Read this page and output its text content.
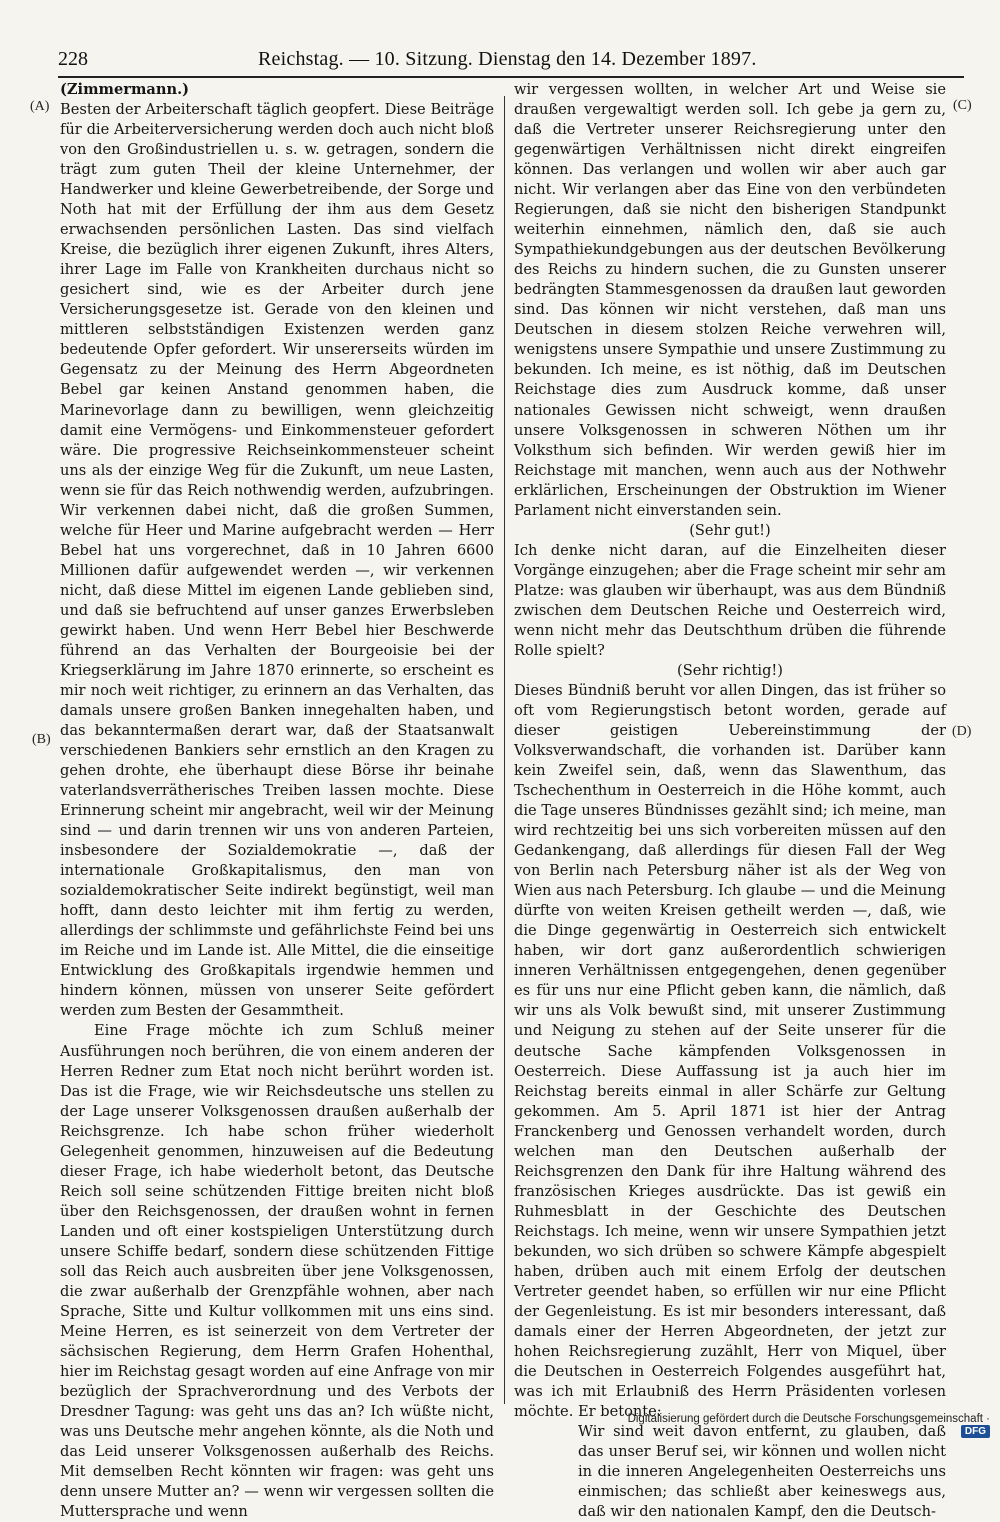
228	Reichstag. — 10. Sitzung. Dienstag den 14. Dezember 1897.
(A)
(B)
(C)
(D)

(Zimmermann.)

Besten der Arbeiterschaft täglich geopfert. Diese Beiträge für die Arbeiterversicherung werden doch auch nicht bloß von den Großindustriellen u. s. w. getragen, sondern die trägt zum guten Theil der kleine Unternehmer, der Handwerker und kleine Gewerbetreibende, der Sorge und Noth hat mit der Erfüllung der ihm aus dem Gesetz erwachsenden persönlichen Lasten. Das sind vielfach Kreise, die bezüglich ihrer eigenen Zukunft, ihres Alters, ihrer Lage im Falle von Krankheiten durchaus nicht so gesichert sind, wie es der Arbeiter durch jene Versicherungsgesetze ist. Gerade von den kleinen und mittleren selbstständigen Existenzen werden ganz bedeutende Opfer gefordert. Wir unsererseits würden im Gegensatz zu der Meinung des Herrn Abgeordneten Bebel gar keinen Anstand genommen haben, die Marinevorlage dann zu bewilligen, wenn gleichzeitig damit eine Vermögens- und Einkommensteuer gefordert wäre. Die progressive Reichseinkommensteuer scheint uns als der einzige Weg für die Zukunft, um neue Lasten, wenn sie für das Reich nothwendig werden, aufzubringen. Wir verkennen dabei nicht, daß die großen Summen, welche für Heer und Marine aufgebracht werden — Herr Bebel hat uns vorgerechnet, daß in 10 Jahren 6600 Millionen dafür aufgewendet werden —, wir verkennen nicht, daß diese Mittel im eigenen Lande geblieben sind, und daß sie befruchtend auf unser ganzes Erwerbsleben gewirkt haben. Und wenn Herr Bebel hier Beschwerde führend an das Verhalten der Bourgeoisie bei der Kriegserklärung im Jahre 1870 erinnerte, so erscheint es mir noch weit richtiger, zu erinnern an das Verhalten, das damals unsere großen Banken innegehalten haben, und das bekanntermaßen derart war, daß der Staatsanwalt verschiedenen Bankiers sehr ernstlich an den Kragen zu gehen drohte, ehe überhaupt diese Börse ihr beinahe vaterlandsverrätherisches Treiben lassen mochte. Diese Erinnerung scheint mir angebracht, weil wir der Meinung sind — und darin trennen wir uns von anderen Parteien, insbesondere der Sozialdemokratie —, daß der internationale Großkapitalismus, den man von sozialdemokratischer Seite indirekt begünstigt, weil man hofft, dann desto leichter mit ihm fertig zu werden, allerdings der schlimmste und gefährlichste Feind bei uns im Reiche und im Lande ist. Alle Mittel, die die einseitige Entwicklung des Großkapitals irgendwie hemmen und hindern können, müssen von unserer Seite gefördert werden zum Besten der Gesammtheit.

Eine Frage möchte ich zum Schluß meiner Ausführungen noch berühren, die von einem anderen der Herren Redner zum Etat noch nicht berührt worden ist. Das ist die Frage, wie wir Reichsdeutsche uns stellen zu der Lage unserer Volksgenossen draußen außerhalb der Reichsgrenze. Ich habe schon früher wiederholt Gelegenheit genommen, hinzuweisen auf die Bedeutung dieser Frage, ich habe wiederholt betont, das Deutsche Reich soll seine schützenden Fittige breiten nicht bloß über den Reichsgenossen, der draußen wohnt in fernen Landen und oft einer kostspieligen Unterstützung durch unsere Schiffe bedarf, sondern diese schützenden Fittige soll das Reich auch ausbreiten über jene Volksgenossen, die zwar außerhalb der Grenzpfähle wohnen, aber nach Sprache, Sitte und Kultur vollkommen mit uns eins sind. Meine Herren, es ist seinerzeit von dem Vertreter der sächsischen Regierung, dem Herrn Grafen Hohenthal, hier im Reichstag gesagt worden auf eine Anfrage von mir bezüglich der Sprachverordnung und des Verbots der Dresdner Tagung: was geht uns das an? Ich wüßte nicht, was uns Deutsche mehr angehen könnte, als die Noth und das Leid unserer Volksgenossen außerhalb des Reichs. Mit demselben Recht könnten wir fragen: was geht uns denn unsere Mutter an? — wenn wir vergessen sollten die Muttersprache und wenn

wir vergessen wollten, in welcher Art und Weise sie draußen vergewaltigt werden soll. Ich gebe ja gern zu, daß die Vertreter unserer Reichsregierung unter den gegenwärtigen Verhältnissen nicht direkt eingreifen können. Das verlangen und wollen wir aber auch gar nicht. Wir verlangen aber das Eine von den verbündeten Regierungen, daß sie nicht den bisherigen Standpunkt weiterhin einnehmen, nämlich den, daß sie auch Sympathiekundgebungen aus der deutschen Bevölkerung des Reichs zu hindern suchen, die zu Gunsten unserer bedrängten Stammesgenossen da draußen laut geworden sind. Das können wir nicht verstehen, daß man uns Deutschen in diesem stolzen Reiche verwehren will, wenigstens unsere Sympathie und unsere Zustimmung zu bekunden. Ich meine, es ist nöthig, daß im Deutschen Reichstage dies zum Ausdruck komme, daß unser nationales Gewissen nicht schweigt, wenn draußen unsere Volksgenossen in schweren Nöthen um ihr Volksthum sich befinden. Wir werden gewiß hier im Reichstage mit manchen, wenn auch aus der Nothwehr erklärlichen, Erscheinungen der Obstruktion im Wiener Parlament nicht einverstanden sein.

(Sehr gut!)

Ich denke nicht daran, auf die Einzelheiten dieser Vorgänge einzugehen; aber die Frage scheint mir sehr am Platze: was glauben wir überhaupt, was aus dem Bündniß zwischen dem Deutschen Reiche und Oesterreich wird, wenn nicht mehr das Deutschthum drüben die führende Rolle spielt?

(Sehr richtig!)

Dieses Bündniß beruht vor allen Dingen, das ist früher so oft vom Regierungstisch betont worden, gerade auf dieser geistigen Uebereinstimmung der Volksverwandschaft, die vorhanden ist. Darüber kann kein Zweifel sein, daß, wenn das Slawenthum, das Tschechenthum in Oesterreich in die Höhe kommt, auch die Tage unseres Bündnisses gezählt sind; ich meine, man wird rechtzeitig bei uns sich vorbereiten müssen auf den Gedankengang, daß allerdings für diesen Fall der Weg von Berlin nach Petersburg näher ist als der Weg von Wien aus nach Petersburg. Ich glaube — und die Meinung dürfte von weiten Kreisen getheilt werden —, daß, wie die Dinge gegenwärtig in Oesterreich sich entwickelt haben, wir dort ganz außerordentlich schwierigen inneren Verhältnissen entgegengehen, denen gegenüber es für uns nur eine Pflicht geben kann, die nämlich, daß wir uns als Volk bewußt sind, mit unserer Zustimmung und Neigung zu stehen auf der Seite unserer für die deutsche Sache kämpfenden Volksgenossen in Oesterreich. Diese Auffassung ist ja auch hier im Reichstag bereits einmal in aller Schärfe zur Geltung gekommen. Am 5. April 1871 ist hier der Antrag Franckenberg und Genossen verhandelt worden, durch welchen man den Deutschen außerhalb der Reichsgrenzen den Dank für ihre Haltung während des französischen Krieges ausdrückte. Das ist gewiß ein Ruhmesblatt in der Geschichte des Deutschen Reichstags. Ich meine, wenn wir unsere Sympathien jetzt bekunden, wo sich drüben so schwere Kämpfe abgespielt haben, drüben auch mit einem Erfolg der deutschen Vertreter geendet haben, so erfüllen wir nur eine Pflicht der Gegenleistung. Es ist mir besonders interessant, daß damals einer der Herren Abgeordneten, der jetzt zur hohen Reichsregierung zuzählt, Herr von Miquel, über die Deutschen in Oesterreich Folgendes ausgeführt hat, was ich mit Erlaubniß des Herrn Präsidenten vorlesen möchte. Er betonte:

Wir sind weit davon entfernt, zu glauben, daß das unser Beruf sei, wir können und wollen nicht in die inneren Angelegenheiten Oesterreichs uns einmischen; das schließt aber keineswegs aus, daß wir den nationalen Kampf, den die Deutsch-

Digitalisierung gefördert durch die Deutsche Forschungsgemeinschaft ·DFG
